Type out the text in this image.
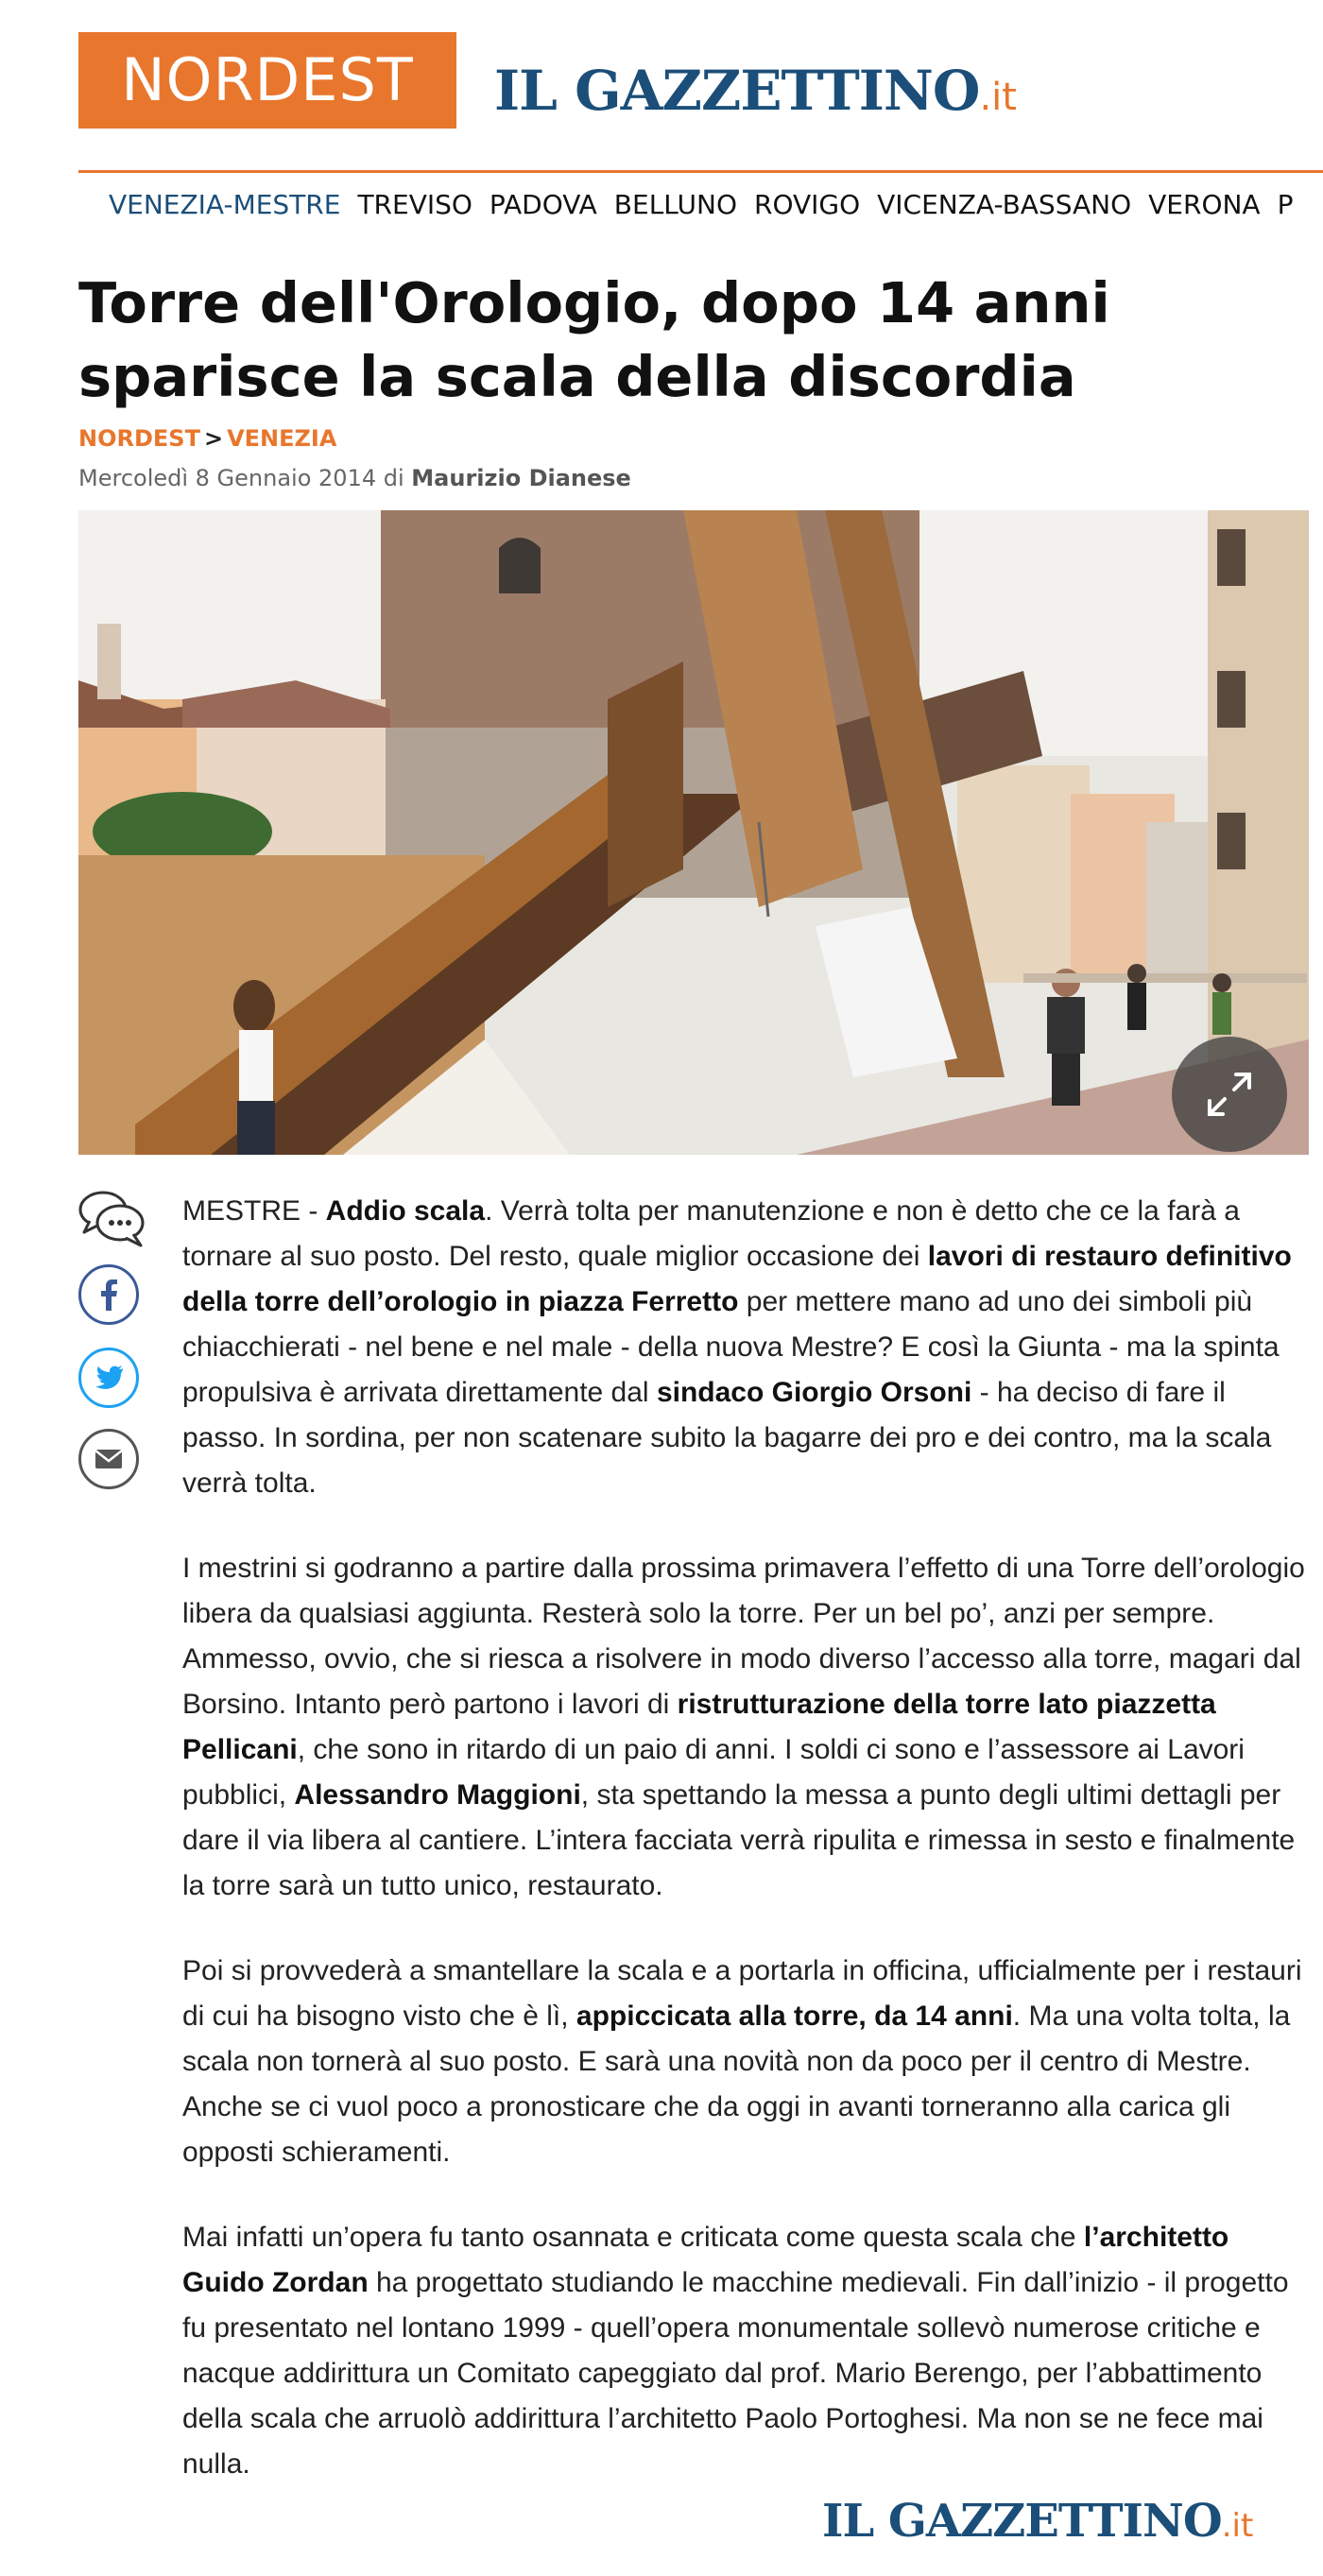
NORDEST	IL GAZZETTINO.it
VENEZIA-MESTRE TREVISO PADOVA BELLUNO ROVIGO VICENZA-BASSANO VERONA P
Torre dell'Orologio, dopo 14 anni sparisce la scala della discordia
NORDEST > VENEZIA
Mercoledì 8 Gennaio 2014 di Maurizio Dianese

MESTRE - Addio scala. Verrà tolta per manutenzione e non è detto che ce la farà a tornare al suo posto. Del resto, quale miglior occasione dei lavori di restauro definitivo della torre dell’orologio in piazza Ferretto per mettere mano ad uno dei simboli più chiacchierati - nel bene e nel male - della nuova Mestre? E così la Giunta - ma la spinta propulsiva è arrivata direttamente dal sindaco Giorgio Orsoni - ha deciso di fare il passo. In sordina, per non scatenare subito la bagarre dei pro e dei contro, ma la scala verrà tolta.

I mestrini si godranno a partire dalla prossima primavera l’effetto di una Torre dell’orologio libera da qualsiasi aggiunta. Resterà solo la torre. Per un bel po’, anzi per sempre. Ammesso, ovvio, che si riesca a risolvere in modo diverso l’accesso alla torre, magari dal Borsino. Intanto però partono i lavori di ristrutturazione della torre lato piazzetta Pellicani, che sono in ritardo di un paio di anni. I soldi ci sono e l’assessore ai Lavori pubblici, Alessandro Maggioni, sta spettando la messa a punto degli ultimi dettagli per dare il via libera al cantiere. L’intera facciata verrà ripulita e rimessa in sesto e finalmente la torre sarà un tutto unico, restaurato.

Poi si provvederà a smantellare la scala e a portarla in officina, ufficialmente per i restauri di cui ha bisogno visto che è lì, appiccicata alla torre, da 14 anni. Ma una volta tolta, la scala non tornerà al suo posto. E sarà una novità non da poco per il centro di Mestre. Anche se ci vuol poco a pronosticare che da oggi in avanti torneranno alla carica gli opposti schieramenti.

Mai infatti un’opera fu tanto osannata e criticata come questa scala che l’architetto Guido Zordan ha progettato studiando le macchine medievali. Fin dall’inizio - il progetto fu presentato nel lontano 1999 - quell’opera monumentale sollevò numerose critiche e nacque addirittura un Comitato capeggiato dal prof. Mario Berengo, per l’abbattimento della scala che arruolò addirittura l’architetto Paolo Portoghesi. Ma non se ne fece mai nulla.

IL GAZZETTINO.it
